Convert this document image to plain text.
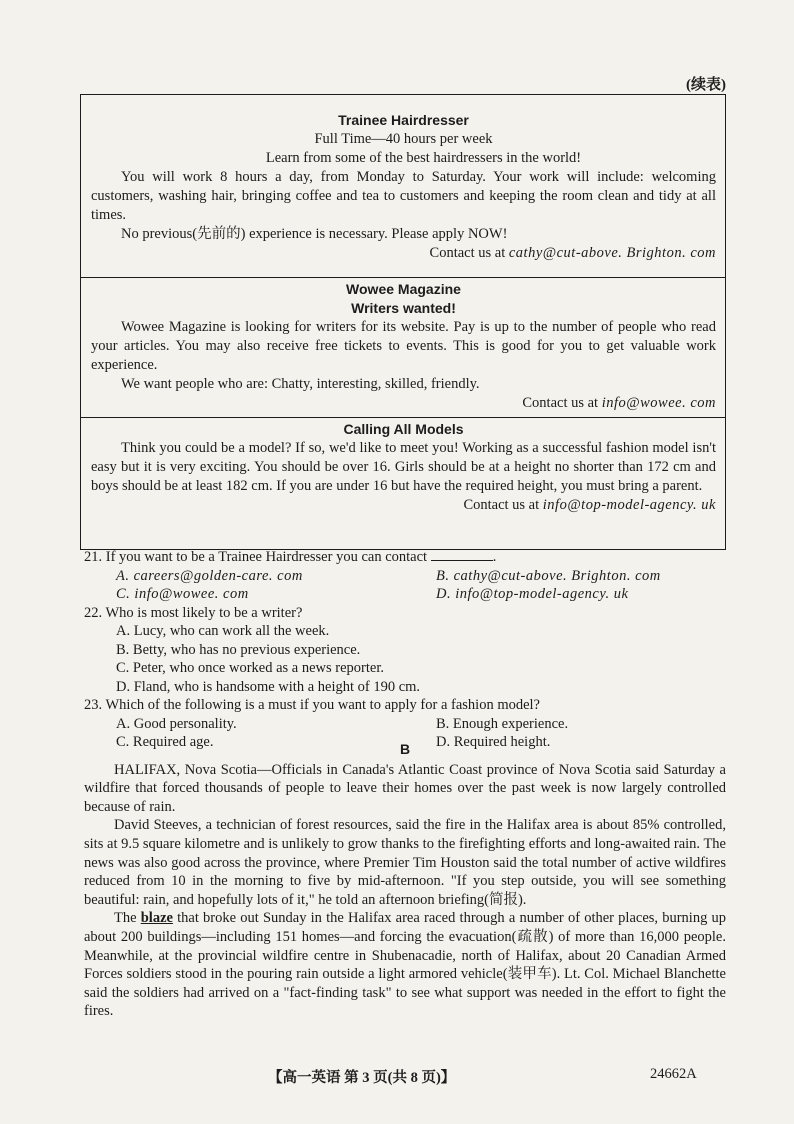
(续表)
Trainee Hairdresser
Full Time—40 hours per week
Learn from some of the best hairdressers in the world!

You will work 8 hours a day, from Monday to Saturday. Your work will include: welcoming customers, washing hair, bringing coffee and tea to customers and keeping the room clean and tidy at all times.

No previous(先前的) experience is necessary. Please apply NOW!

Contact us at cathy@cut-above. Brighton. com
Wowee Magazine
Writers wanted!

Wowee Magazine is looking for writers for its website. Pay is up to the number of people who read your articles. You may also receive free tickets to events. This is good for you to get valuable work experience.

We want people who are: Chatty, interesting, skilled, friendly.

Contact us at info@wowee. com
Calling All Models

Think you could be a model? If so, we'd like to meet you! Working as a successful fashion model isn't easy but it is very exciting. You should be over 16. Girls should be at a height no shorter than 172 cm and boys should be at least 182 cm. If you are under 16 but have the required height, you must bring a parent.

Contact us at info@top-model-agency. uk

21. If you want to be a Trainee Hairdresser you can contact	.

A. careers@golden-care. com	B. cathy@cut-above. Brighton. com
C. info@wowee. com	D. info@top-model-agency. uk

22. Who is most likely to be a writer?

A. Lucy, who can work all the week.
B. Betty, who has no previous experience.
C. Peter, who once worked as a news reporter.
D. Fland, who is handsome with a height of 190 cm.

23. Which of the following is a must if you want to apply for a fashion model?

A. Good personality.	B. Enough experience.
C. Required age.	D. Required height.
B

HALIFAX, Nova Scotia—Officials in Canada's Atlantic Coast province of Nova Scotia said Saturday a wildfire that forced thousands of people to leave their homes over the past week is now largely controlled because of rain.

David Steeves, a technician of forest resources, said the fire in the Halifax area is about 85% controlled, sits at 9.5 square kilometre and is unlikely to grow thanks to the firefighting efforts and long-awaited rain. The news was also good across the province, where Premier Tim Houston said the total number of active wildfires reduced from 10 in the morning to five by mid-afternoon. "If you step outside, you will see something beautiful: rain, and hopefully lots of it," he told an afternoon briefing(简报).

The blaze that broke out Sunday in the Halifax area raced through a number of other places, burning up about 200 buildings—including 151 homes—and forcing the evacuation(疏散) of more than 16,000 people. Meanwhile, at the provincial wildfire centre in Shubenacadie, north of Halifax, about 20 Canadian Armed Forces soldiers stood in the pouring rain outside a light armored vehicle(装甲车). Lt. Col. Michael Blanchette said the soldiers had arrived on a "fact-finding task" to see what support was needed in the effort to fight the fires.

【高一英语 第 3 页(共 8 页)】	24662A
